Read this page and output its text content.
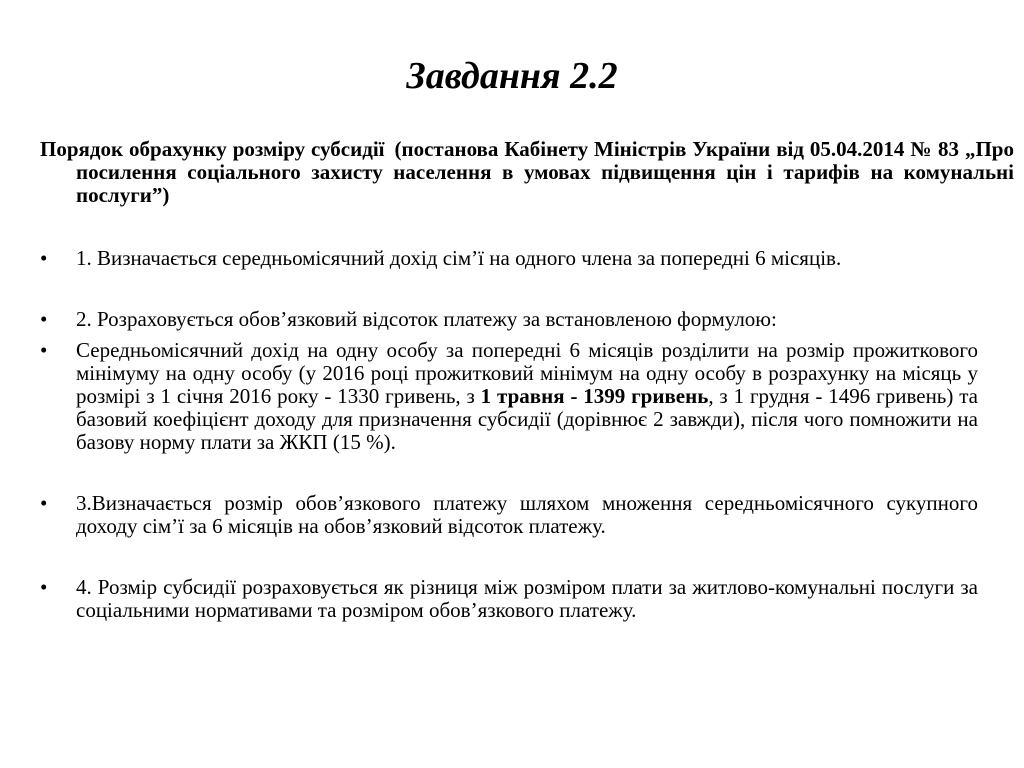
Завдання 2.2
Порядок обрахунку розміру субсидії (постанова Кабінету Міністрів України від 05.04.2014 № 83 „Про посилення соціального захисту населення в умовах підвищення цін і тарифів на комунальні послуги”)
•	1. Визначається середньомісячний дохід сім’ї на одного члена за попередні 6 місяців.
•	2. Розраховується обов’язковий відсоток платежу за встановленою формулою:
•	Середньомісячний дохід на одну особу за попередні 6 місяців розділити на розмір прожиткового мінімуму на одну особу (у 2016 році прожитковий мінімум на одну особу в розрахунку на місяць у розмірі з 1 січня 2016 року - 1330 гривень, з 1 травня - 1399 гривень, з 1 грудня - 1496 гривень) та базовий коефіцієнт доходу для призначення субсидії (дорівнює 2 завжди), після чого помножити на базову норму плати за ЖКП (15 %).
•	3.Визначається розмір обов’язкового платежу шляхом множення середньомісячного сукупного доходу сім’ї за 6 місяців на обов’язковий відсоток платежу.
•	4. Розмір субсидії розраховується як різниця між розміром плати за житлово-комунальні послуги за соціальними нормативами та розміром обов’язкового платежу.
